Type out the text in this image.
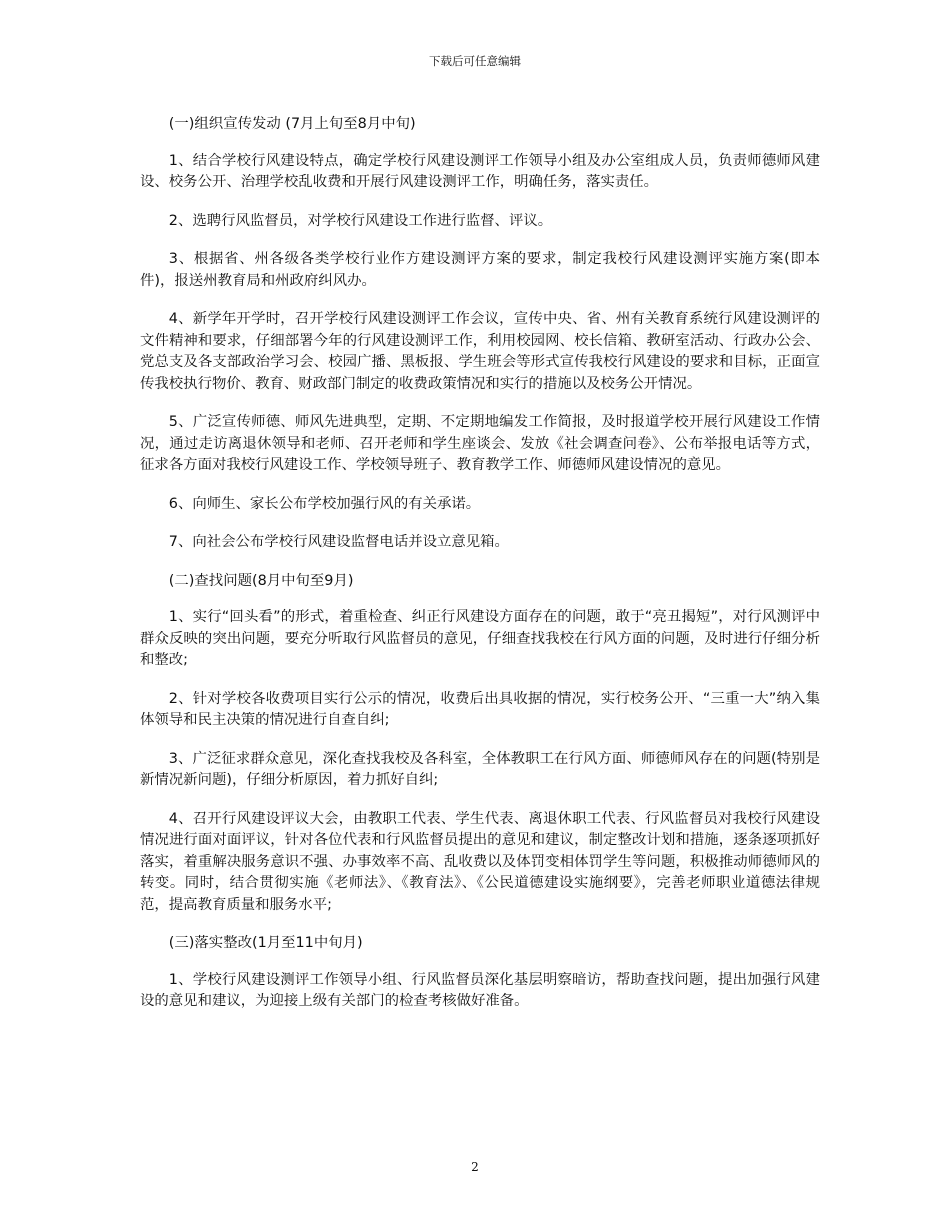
下载后可任意编辑

(一)组织宣传发动 (7月上旬至8月中旬)

1、结合学校行风建设特点，确定学校行风建设测评工作领导小组及办公室组成人员，负责师德师风建设、校务公开、治理学校乱收费和开展行风建设测评工作，明确任务，落实责任。

2、选聘行风监督员，对学校行风建设工作进行监督、评议。

3、根据省、州各级各类学校行业作方建设测评方案的要求，制定我校行风建设测评实施方案(即本件)，报送州教育局和州政府纠风办。

4、新学年开学时，召开学校行风建设测评工作会议，宣传中央、省、州有关教育系统行风建设测评的文件精神和要求，仔细部署今年的行风建设测评工作，利用校园网、校长信箱、教研室活动、行政办公会、党总支及各支部政治学习会、校园广播、黑板报、学生班会等形式宣传我校行风建设的要求和目标，正面宣传我校执行物价、教育、财政部门制定的收费政策情况和实行的措施以及校务公开情况。

5、广泛宣传师德、师风先进典型，定期、不定期地编发工作简报，及时报道学校开展行风建设工作情况，通过走访离退休领导和老师、召开老师和学生座谈会、发放《社会调查问卷》、公布举报电话等方式，征求各方面对我校行风建设工作、学校领导班子、教育教学工作、师德师风建设情况的意见。

6、向师生、家长公布学校加强行风的有关承诺。

7、向社会公布学校行风建设监督电话并设立意见箱。

(二)查找问题(8月中旬至9月)

1、实行“回头看”的形式，着重检查、纠正行风建设方面存在的问题，敢于“亮丑揭短”，对行风测评中群众反映的突出问题，要充分听取行风监督员的意见，仔细查找我校在行风方面的问题，及时进行仔细分析和整改;

2、针对学校各收费项目实行公示的情况，收费后出具收据的情况，实行校务公开、“三重一大”纳入集体领导和民主决策的情况进行自查自纠;

3、广泛征求群众意见，深化查找我校及各科室，全体教职工在行风方面、师德师风存在的问题(特别是新情况新问题)，仔细分析原因，着力抓好自纠;

4、召开行风建设评议大会，由教职工代表、学生代表、离退休职工代表、行风监督员对我校行风建设情况进行面对面评议，针对各位代表和行风监督员提出的意见和建议，制定整改计划和措施，逐条逐项抓好落实，着重解决服务意识不强、办事效率不高、乱收费以及体罚变相体罚学生等问题，积极推动师德师风的转变。同时，结合贯彻实施《老师法》、《教育法》、《公民道德建设实施纲要》，完善老师职业道德法律规范，提高教育质量和服务水平;

(三)落实整改(1月至11中旬月)

1、学校行风建设测评工作领导小组、行风监督员深化基层明察暗访，帮助查找问题，提出加强行风建设的意见和建议，为迎接上级有关部门的检查考核做好准备。

2
